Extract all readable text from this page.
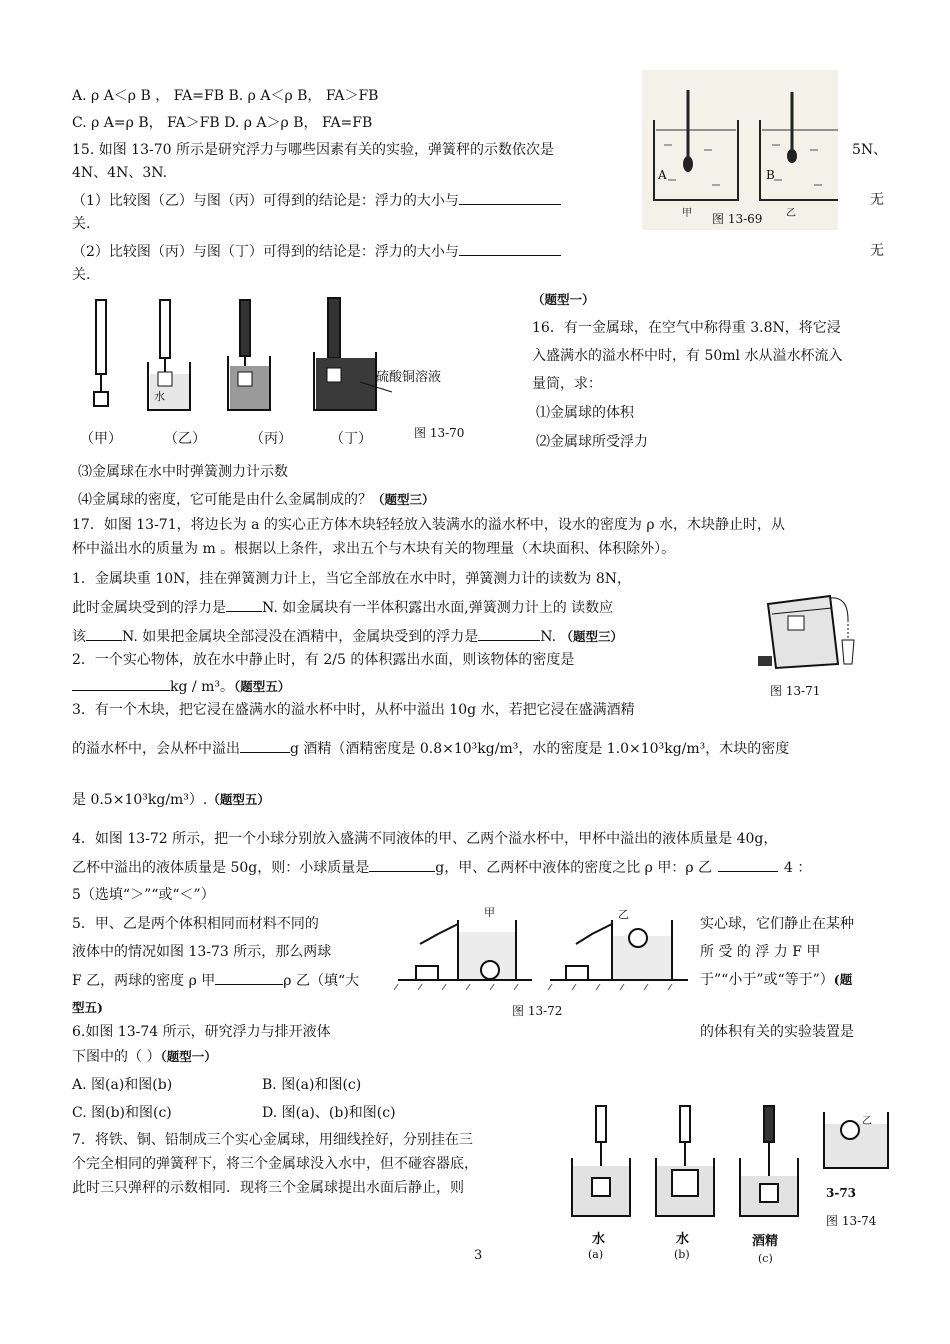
A. ρ A＜ρ B ， FA=FB B. ρ A＜ρ B， FA＞FB
C. ρ A=ρ B， FA＞FB D. ρ A＞ρ B， FA=FB
15. 如图 13-70 所示是研究浮力与哪些因素有关的实验，弹簧秤的示数依次是	5N、
4N、4N、3N.
（1）比较图（乙）与图（丙）可得到的结论是：浮力的大小与	无
关.
（2）比较图（丙）与图（丁）可得到的结论是：浮力的大小与	无
关.
（题型一）
16．有一金属球，在空气中称得重 3.8N，将它浸
入盛满水的溢水杯中时，有 50ml 水从溢水杯流入
量筒，求：
⑴金属球的体积
⑵金属球所受浮力
⑶金属球在水中时弹簧测力计示数
⑷金属球的密度，它可能是由什么金属制成的？（题型三）
17．如图 13-71，将边长为 a 的实心正方体木块轻轻放入装满水的溢水杯中，设水的密度为 ρ 水，木块静止时，从
杯中溢出水的质量为 m 。根据以上条件，求出五个与木块有关的物理量（木块面积、体积除外）。
1．金属块重 10N，挂在弹簧测力计上，当它全部放在水中时，弹簧测力计的读数为 8N，
此时金属块受到的浮力是	N. 如金属块有一半体积露出水面,弹簧测力计上的 读数应
该	N. 如果把金属块全部浸没在酒精中，金属块受到的浮力是	N. （题型三）
2．一个实心物体，放在水中静止时，有 2/5 的体积露出水面，则该物体的密度是
kg / m³。（题型五）
3．有一个木块，把它浸在盛满水的溢水杯中时，从杯中溢出 10g 水，若把它浸在盛满酒精
的溢水杯中，会从杯中溢出	g 酒精（酒精密度是 0.8×10³kg/m³，水的密度是 1.0×10³kg/m³，木块的密度
是 0.5×10³kg/m³）.（题型五）
4．如图 13-72 所示，把一个小球分别放入盛满不同液体的甲、乙两个溢水杯中，甲杯中溢出的液体质量是 40g，
乙杯中溢出的液体质量是 50g，则：小球质量是	g，甲、乙两杯中液体的密度之比 ρ 甲：ρ 乙	4 ：
5（选填“＞”“或“＜”）
5．甲、乙是两个体积相同而材料不同的	实心球，它们静止在某种
液体中的情况如图 13-73 所示，那么两球	所 受 的 浮 力 F 甲
F 乙，两球的密度 ρ 甲	ρ 乙（填“大	于”“小于”或“等于”）(题
型五)
6.如图 13-74 所示，研究浮力与排开液体	的体积有关的实验装置是
下图中的（ ）（题型一）
A. 图(a)和图(b)	B. 图(a)和图(c)
C. 图(b)和图(c)	D. 图(a)、(b)和图(c)
7．将铁、铜、铅制成三个实心金属球，用细线拴好，分别挂在三
个完全相同的弹簧秤下，将三个金属球没入水中，但不碰容器底，
此时三只弹秤的示数相同．现将三个金属球提出水面后静止，则
3
A	B
甲	乙
图 13-69
水
硫酸铜溶液
（甲）	（乙）	（丙）	（丁）	图 13-70
图 13-71
甲	乙
图 13-72
水	水	酒精
(a)	(b)	(c)
乙
3-73
图 13-74
